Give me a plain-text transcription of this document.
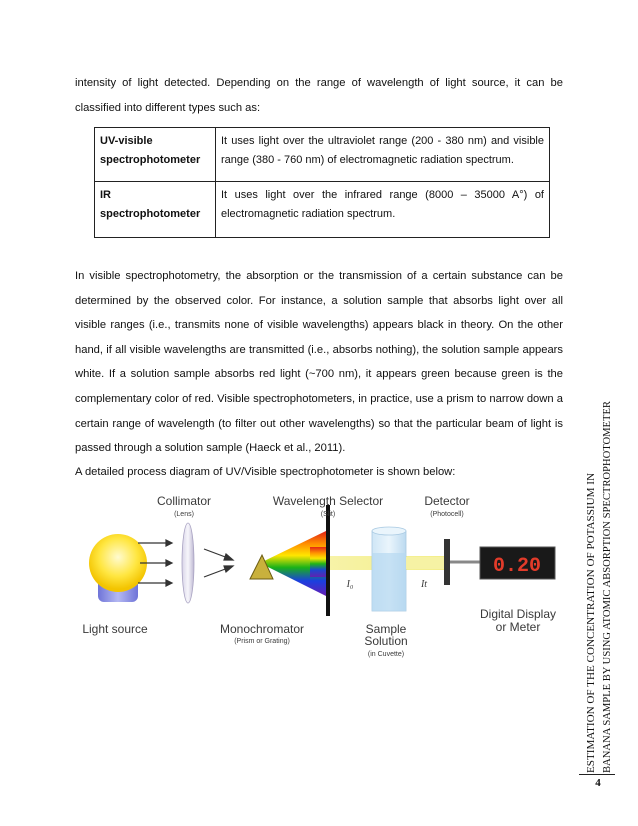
intensity of light detected. Depending on the range of wavelength of light source, it can be classified into different types such as:

UV-visible spectrophotometer	It uses light over the ultraviolet range (200 - 380 nm) and visible range (380 - 760 nm) of electromagnetic radiation spectrum.
IR spectrophotometer	It uses light over the infrared range (8000 – 35000 A°) of electromagnetic radiation spectrum.

In visible spectrophotometry, the absorption or the transmission of a certain substance can be determined by the observed color. For instance, a solution sample that absorbs light over all visible ranges (i.e., transmits none of visible wavelengths) appears black in theory. On the other hand, if all visible wavelengths are transmitted (i.e., absorbs nothing), the solution sample appears white. If a solution sample absorbs red light (~700 nm), it appears green because green is the complementary color of red. Visible spectrophotometers, in practice, use a prism to narrow down a certain range of wavelength (to filter out other wavelengths) so that the particular beam of light is passed through a solution sample (Haeck et al., 2011).

A detailed process diagram of UV/Visible spectrophotometer is shown below:

Collimator
(Lens)
Wavelength Selector
(Slit)
Detector
(Photocell)
Light source	Monochromator
(Prism or Grating)
Sample
Solution
(in Cuvette)
Digital Display
or Meter
I₀	It
0.20	ESTIMATION OF THE CONCENTRATION OF POTASSIUM IN BANANA SAMPLE BY USING ATOMIC ABSORPTION SPECTROPHOTOMETER
4
